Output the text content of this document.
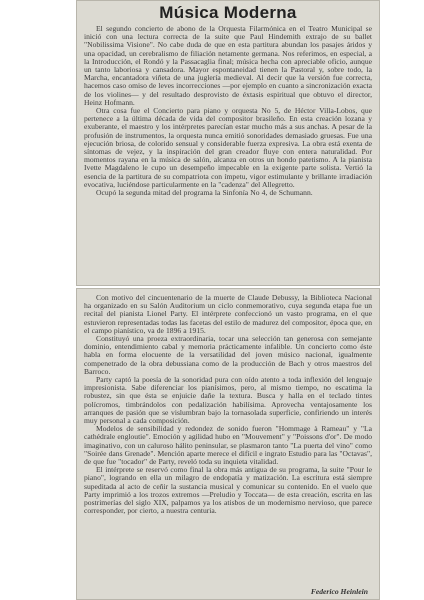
Música Moderna

El segundo concierto de abono de la Orquesta Filarmónica en el Teatro Municipal se inició con una lectura correcta de la suite que Paul Hindemith extrajo de su ballet "Nobilissima Visione". No cabe duda de que en esta partitura abundan los pasajes áridos y una opacidad, un cerebralismo de filiación netamente germana. Nos referimos, en especial, a la Introducción, el Rondó y la Passacaglia final; música hecha con apreciable oficio, aunque un tanto laboriosa y cansadora. Mayor espontaneidad tienen la Pastoral y, sobre todo, la Marcha, encantadora viñeta de una juglería medieval. Al decir que la versión fue correcta, hacemos caso omiso de leves incorrecciones —por ejemplo en cuanto a sincronización exacta de los violines— y del resultado desprovisto de éxtasis espiritual que obtuvo el director, Heinz Hofmann.

Otra cosa fue el Concierto para piano y orquesta No 5, de Héctor Villa-Lobos, que pertenece a la última década de vida del compositor brasileño. En esta creación lozana y exuberante, el maestro y los intérpretes parecían estar mucho más a sus anchas. A pesar de la profusión de instrumentos, la orquesta nunca emitió sonoridades demasiado gruesas. Fue una ejecución briosa, de colorido sensual y considerable fuerza expresiva. La obra está exenta de síntomas de vejez, y la inspiración del gran creador fluye con entera naturalidad. Por momentos rayana en la música de salón, alcanza en otros un hondo patetismo. A la pianista Ivette Magdaleno le cupo un desempeño impecable en la exigente parte solista. Vertió la esencia de la partitura de su compatriota con ímpetu, vigor estimulante y brillante irradiación evocativa, luciéndose particularmente en la "cadenza" del Allegretto.

Ocupó la segunda mitad del programa la Sinfonía No 4, de Schumann.

Con motivo del cincuentenario de la muerte de Claude Debussy, la Biblioteca Nacional ha organizado en su Salón Auditorium un ciclo conmemorativo, cuya segunda etapa fue un recital del pianista Lionel Party. El intérprete confeccionó un vasto programa, en el que estuvieron representadas todas las facetas del estilo de madurez del compositor, época que, en el campo pianístico, va de 1896 a 1915.

Constituyó una proeza extraordinaria, tocar una selección tan generosa con semejante dominio, entendimiento cabal y memoria prácticamente infalible. Un concierto como éste habla en forma elocuente de la versatilidad del joven músico nacional, igualmente compenetrado de la obra debussiana como de la producción de Bach y otros maestros del Barroco.

Party captó la poesía de la sonoridad pura con oído atento a toda inflexión del lenguaje impresionista. Sabe diferenciar los pianísimos, pero, al mismo tiempo, no escatima la robustez, sin que ésta se enjuicie dañe la textura. Busca y halla en el teclado tintes polícromos, timbrándolos con pedalización habilísima. Aprovecha ventajosamente los arranques de pasión que se vislumbran bajo la tornasolada superficie, confiriendo un interés muy personal a cada composición.

Modelos de sensibilidad y redondez de sonido fueron "Hommage à Rameau" y "La cathédrale engloutie". Emoción y agilidad hubo en "Mouvement" y "Poissons d'or". De modo imaginativo, con un caluroso hálito peninsular, se plasmaron tanto "La puerta del vino" como "Soirée dans Grenade". Mención aparte merece el difícil e ingrato Estudio para las "Octavas", de que fue "tocador" de Party, reveló toda su inquieta vitalidad.

El intérprete se reservó como final la obra más antigua de su programa, la suite "Pour le piano", logrando en ella un milagro de endopatía y matización. La escritura está siempre supeditada al acto de ceñir la sustancia musical y comunicar su contenido. En el vuelo que Party imprimió a los trozos extremos —Preludio y Toccata— de esta creación, escrita en las postrimerías del siglo XIX, palpamos ya los atisbos de un modernismo nervioso, que parece corresponder, por cierto, a nuestra centuria.

Federico Heinlein
